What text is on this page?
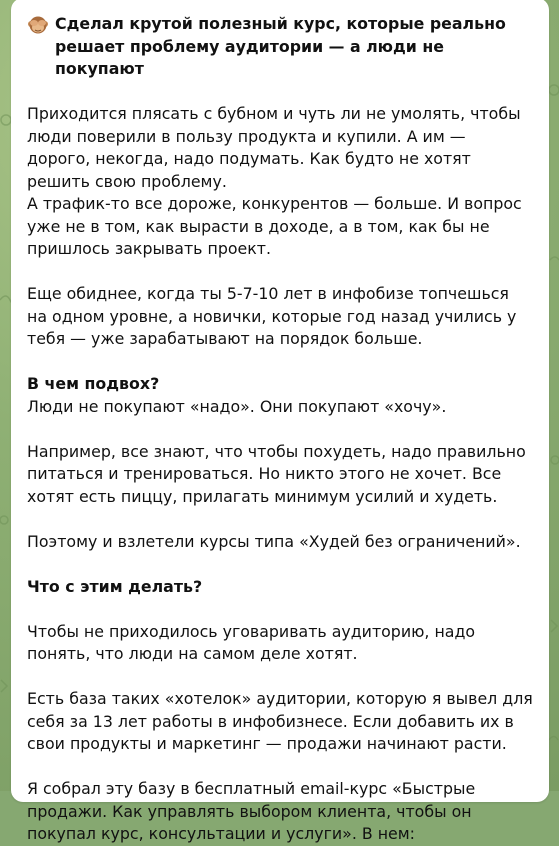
Сделал крутой полезный курс, которые реально решает проблему аудитории — а люди не покупают

Приходится плясать с бубном и чуть ли не умолять, чтобы люди поверили в пользу продукта и купили. А им — дорого, некогда, надо подумать. Как будто не хотят решить свою проблему.

А трафик-то все дороже, конкурентов — больше. И вопрос уже не в том, как вырасти в доходе, а в том, как бы не пришлось закрывать проект.

Еще обиднее, когда ты 5-7-10 лет в инфобизе топчешься на одном уровне, а новички, которые год назад учились у тебя — уже зарабатывают на порядок больше.

В чем подвох?

Люди не покупают «надо». Они покупают «хочу».

Например, все знают, что чтобы похудеть, надо правильно питаться и тренироваться. Но никто этого не хочет. Все хотят есть пиццу, прилагать минимум усилий и худеть.

Поэтому и взлетели курсы типа «Худей без ограничений».

Что с этим делать?

Чтобы не приходилось уговаривать аудиторию, надо понять, что люди на самом деле хотят.

Есть база таких «хотелок» аудитории, которую я вывел для себя за 13 лет работы в инфобизнесе. Если добавить их в свои продукты и маркетинг — продажи начинают расти.

Я собрал эту базу в бесплатный email-курс «Быстрые продажи. Как управлять выбором клиента, чтобы он покупал курс, консультации и услуги». В нем:
